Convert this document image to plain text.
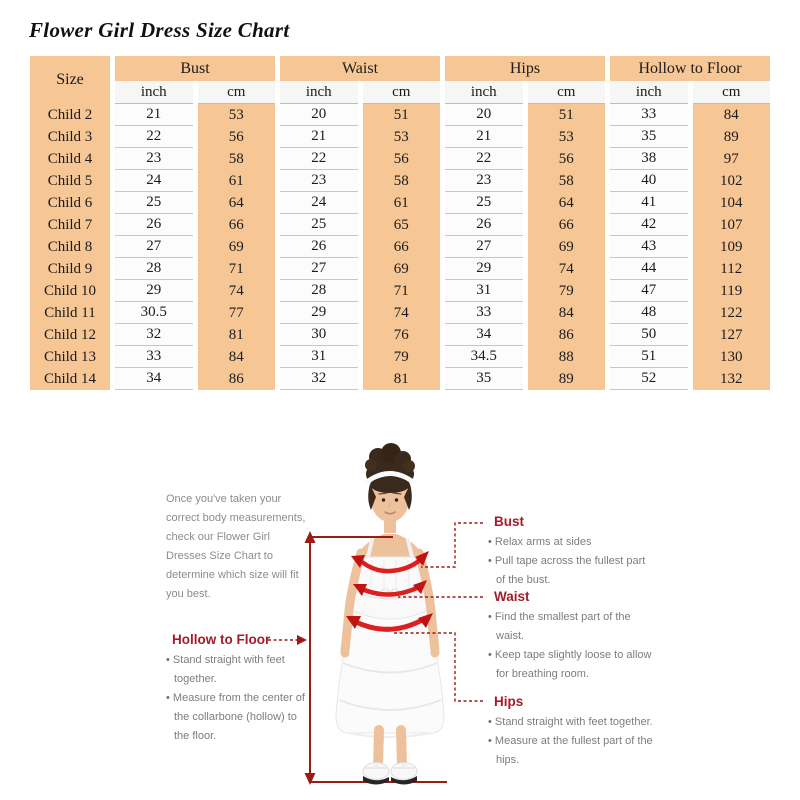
Flower Girl Dress Size Chart
Size	Bust		Waist		Hips		Hollow to Floor	
	inch	cm	inch	cm	inch	cm	inch	cm
Child 2	21	53	20	51	20	51	33	84
Child 3	22	56	21	53	21	53	35	89
Child 4	23	58	22	56	22	56	38	97
Child 5	24	61	23	58	23	58	40	102
Child 6	25	64	24	61	25	64	41	104
Child 7	26	66	25	65	26	66	42	107
Child 8	27	69	26	66	27	69	43	109
Child 9	28	71	27	69	29	74	44	112
Child 10	29	74	28	71	31	79	47	119
Child 11	30.5	77	29	74	33	84	48	122
Child 12	32	81	30	76	34	86	50	127
Child 13	33	84	31	79	34.5	88	51	130
Child 14	34	86	32	81	35	89	52	132
Once you've taken your
correct body measurements,
check our Flower Girl
Dresses Size Chart to
determine which size will fit
you best.
Hollow to Floor
• Stand straight with feet together.
• Measure from the center of the collarbone (hollow) to the floor.
Bust
• Relax arms at sides
• Pull tape across the fullest part of the bust.
Waist
• Find the smallest part of the waist.
• Keep tape slightly loose to allow for breathing room.
Hips
• Stand straight with feet together.
• Measure at the fullest part of the hips.
